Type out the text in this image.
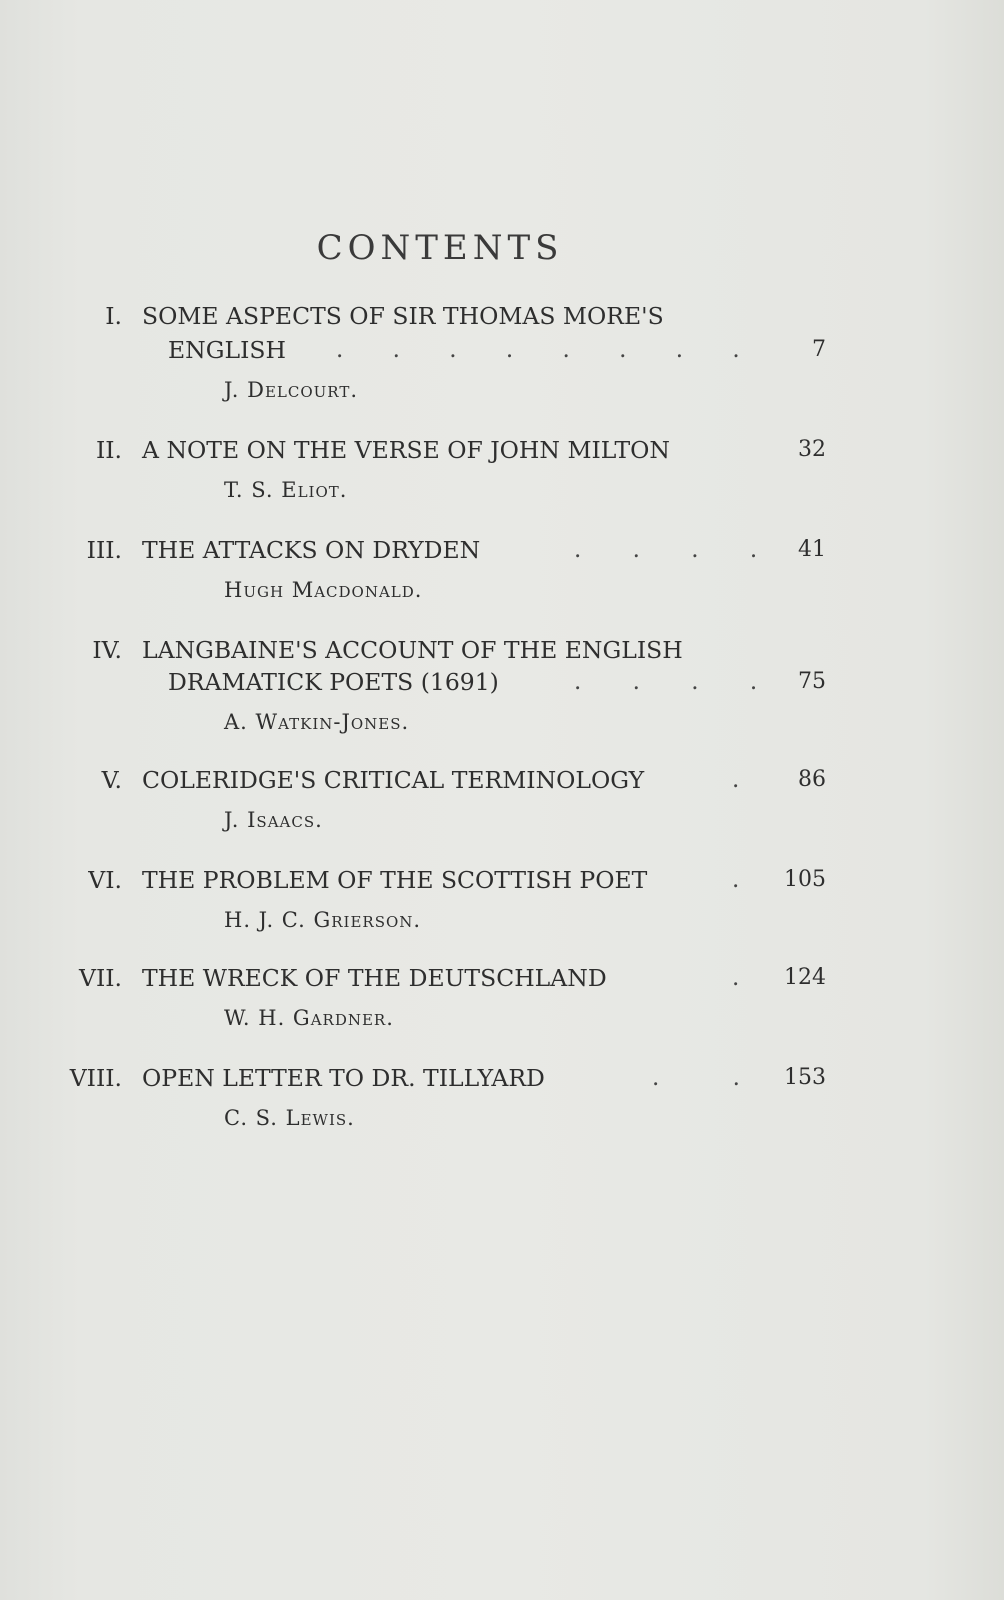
CONTENTS
I. SOME ASPECTS OF SIR THOMAS MORE'S
ENGLISH . . . . . . . .	7
J. Delcourt.
II. A NOTE ON THE VERSE OF JOHN MILTON	32
T. S. Eliot.
III. THE ATTACKS ON DRYDEN	. . . .	41
Hugh Macdonald.
IV. LANGBAINE'S ACCOUNT OF THE ENGLISH
DRAMATICK POETS (1691)	. . . .	75
A. Watkin-Jones.
V. COLERIDGE'S CRITICAL TERMINOLOGY	.	86
J. Isaacs.
VI. THE PROBLEM OF THE SCOTTISH POET	.	105
H. J. C. Grierson.
VII. THE WRECK OF THE DEUTSCHLAND	.	124
W. H. Gardner.
VIII. OPEN LETTER TO DR. TILLYARD	. .	153
C. S. Lewis.
